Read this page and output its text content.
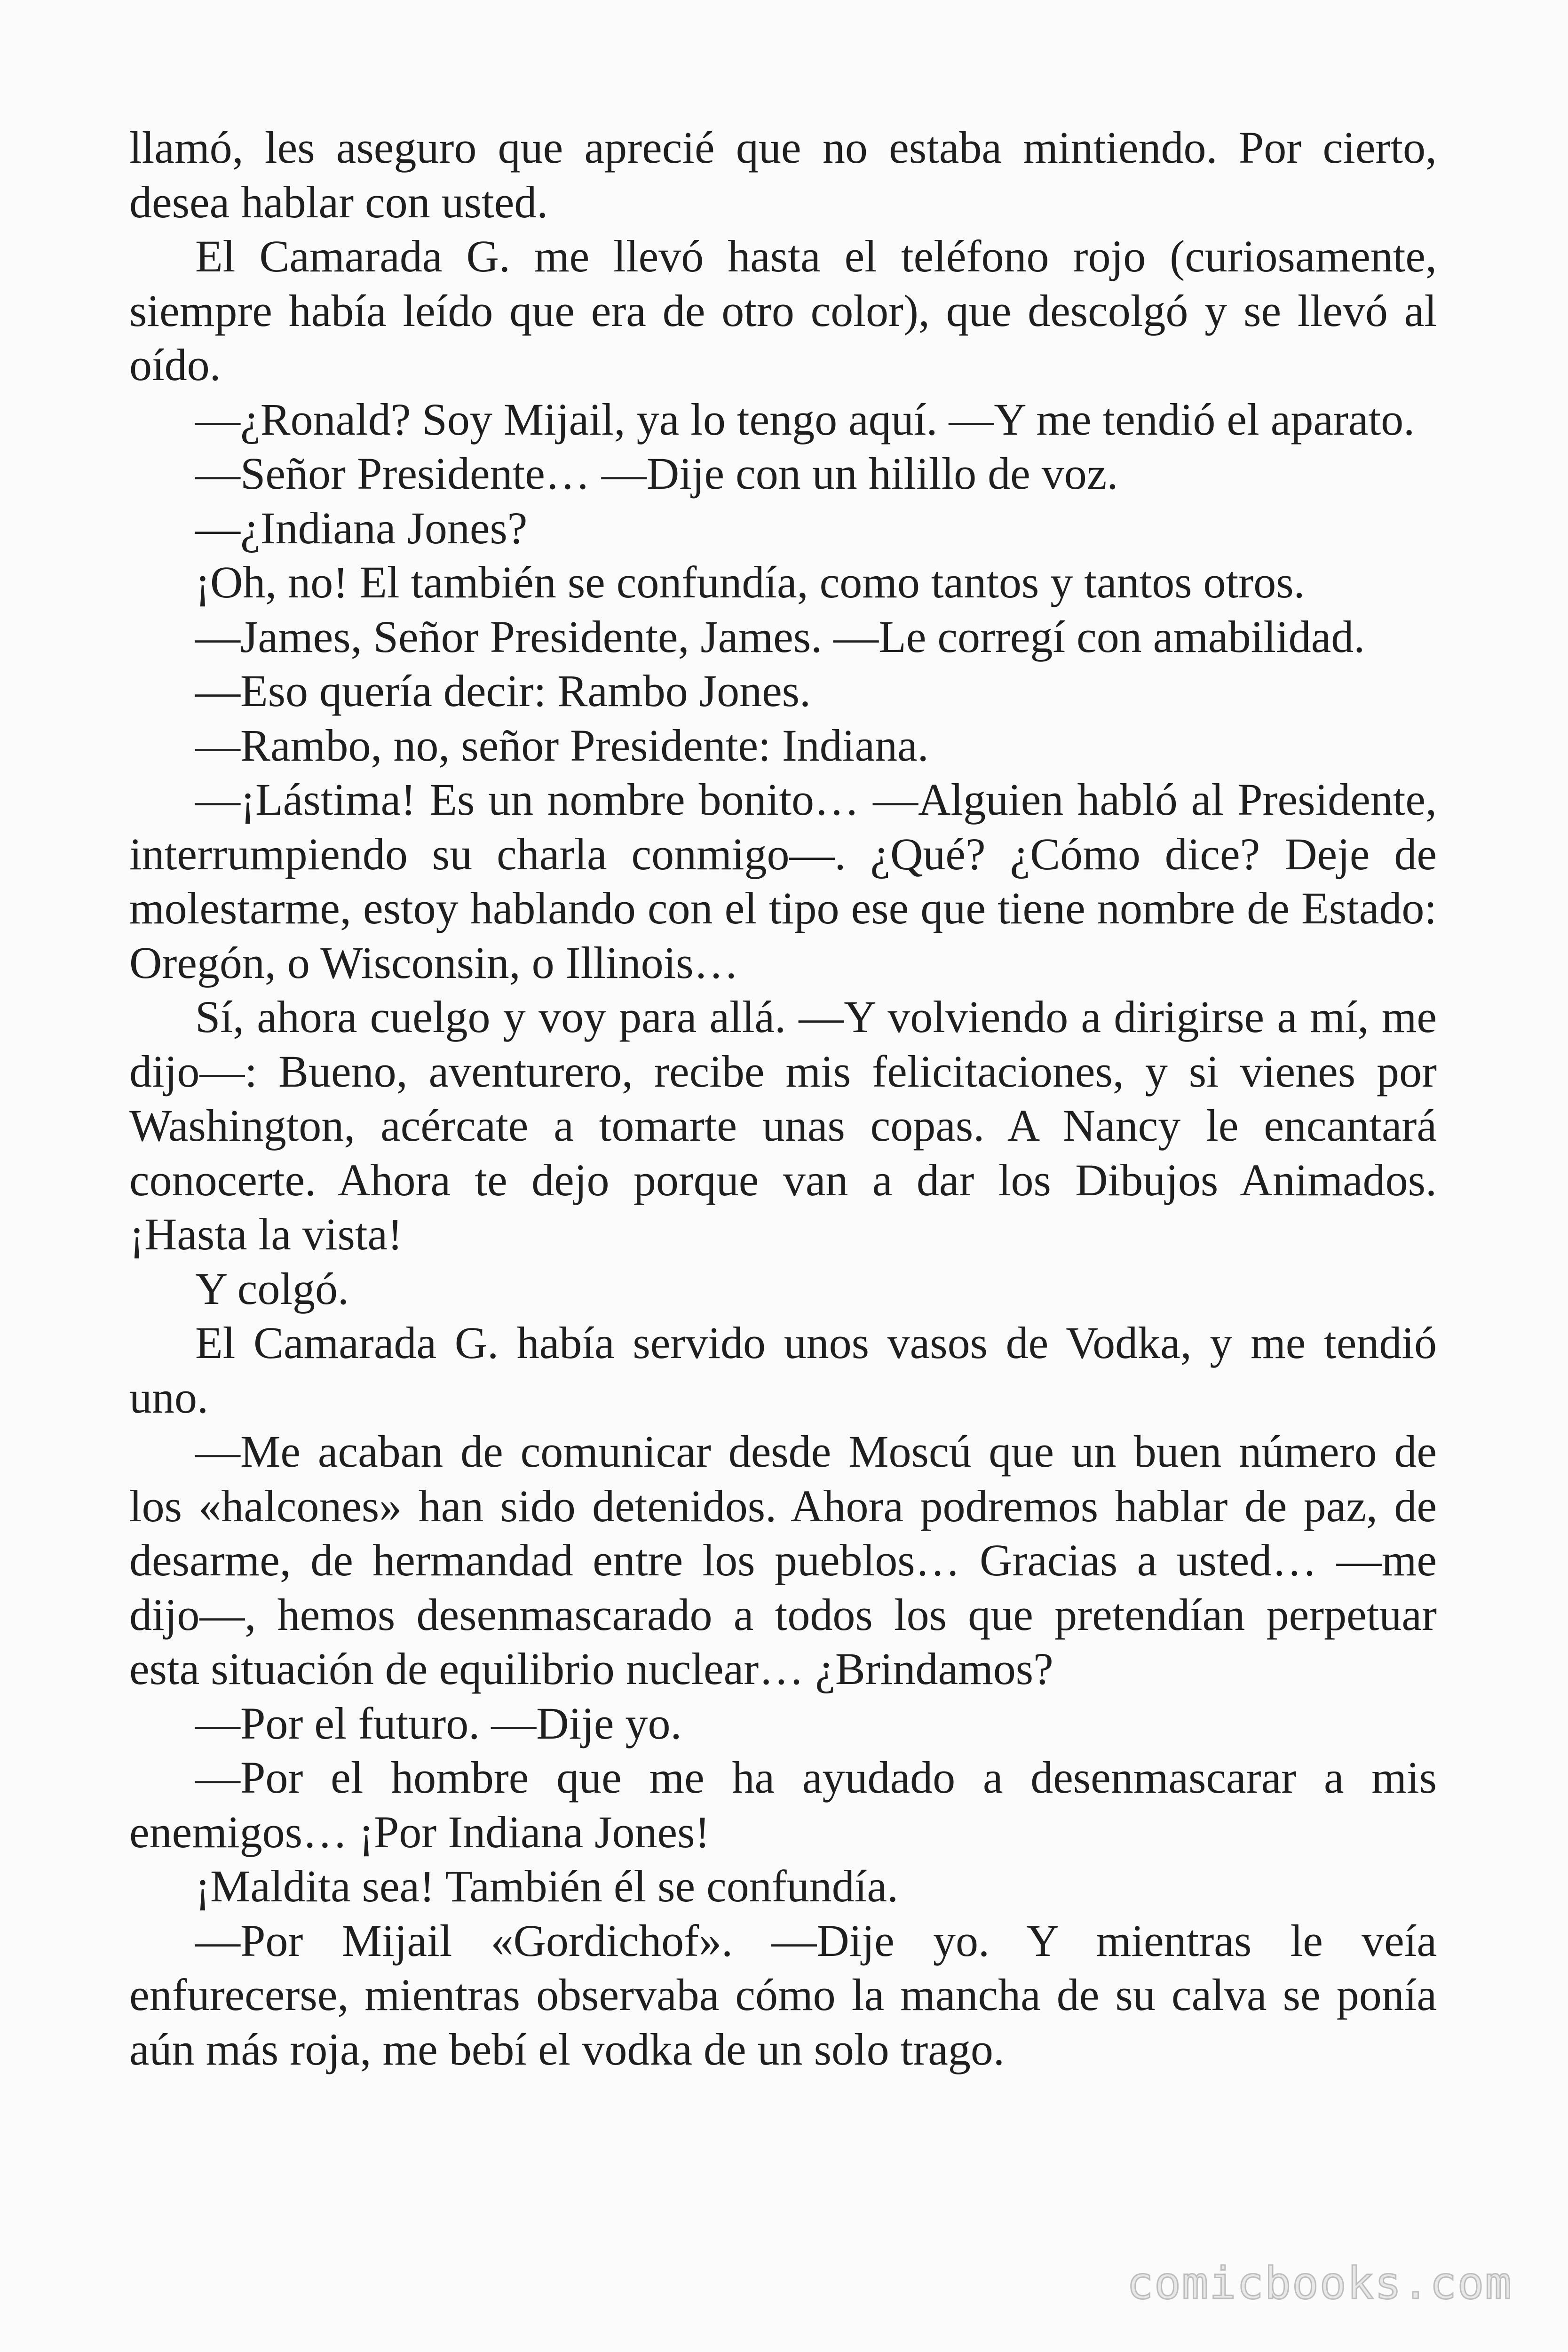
llamó, les aseguro que aprecié que no estaba mintiendo. Por cierto, desea hablar con usted.

El Camarada G. me llevó hasta el teléfono rojo (curiosamente, siempre había leído que era de otro color), que descolgó y se llevó al oído.

—¿Ronald? Soy Mijail, ya lo tengo aquí. —Y me tendió el aparato.

—Señor Presidente… —Dije con un hilillo de voz.

—¿Indiana Jones?

¡Oh, no! El también se confundía, como tantos y tantos otros.

—James, Señor Presidente, James. —Le corregí con amabilidad.

—Eso quería decir: Rambo Jones.

—Rambo, no, señor Presidente: Indiana.

—¡Lástima! Es un nombre bonito… —Alguien habló al Presidente, interrumpiendo su charla conmigo—. ¿Qué? ¿Cómo dice? Deje de molestarme, estoy hablando con el tipo ese que tiene nombre de Estado: Oregón, o Wisconsin, o Illinois…

Sí, ahora cuelgo y voy para allá. —Y volviendo a dirigirse a mí, me dijo—: Bueno, aventurero, recibe mis felicitaciones, y si vienes por Washington, acércate a tomarte unas copas. A Nancy le encantará conocerte. Ahora te dejo porque van a dar los Dibujos Animados. ¡Hasta la vista!

Y colgó.

El Camarada G. había servido unos vasos de Vodka, y me tendió uno.

—Me acaban de comunicar desde Moscú que un buen número de los «halcones» han sido detenidos. Ahora podremos hablar de paz, de desarme, de hermandad entre los pueblos… Gracias a usted… —me dijo—, hemos desenmascarado a todos los que pretendían perpetuar esta situación de equilibrio nuclear… ¿Brindamos?

—Por el futuro. —Dije yo.

—Por el hombre que me ha ayudado a desenmascarar a mis enemigos… ¡Por Indiana Jones!

¡Maldita sea! También él se confundía.

—Por Mijail «Gordichof». —Dije yo. Y mientras le veía enfurecerse, mientras observaba cómo la mancha de su calva se ponía aún más roja, me bebí el vodka de un solo trago.

comicbooks.com
